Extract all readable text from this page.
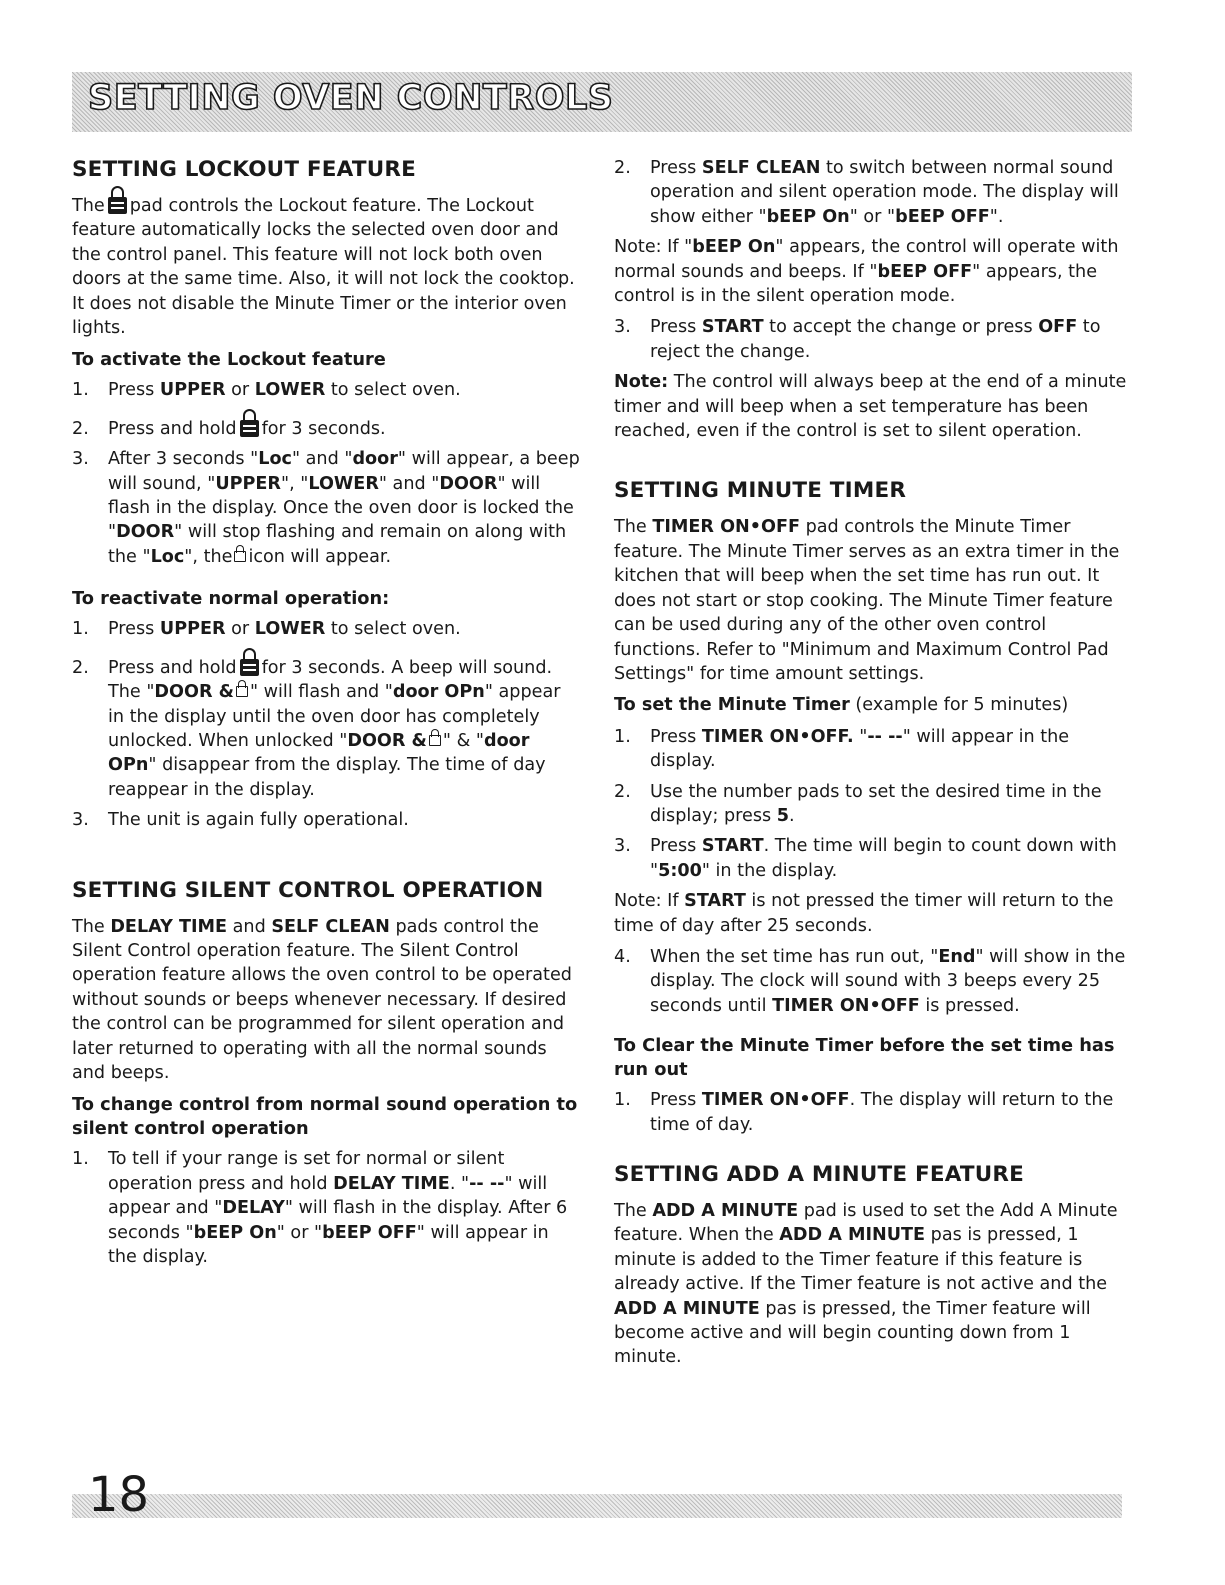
SETTING OVEN CONTROLS
SETTING LOCKOUT FEATURE

The pad controls the Lockout feature. The Lockout feature automatically locks the selected oven door and the control panel. This feature will not lock both oven doors at the same time. Also, it will not lock the cooktop. It does not disable the Minute Timer or the interior oven lights.

To activate the Lockout feature
1. Press UPPER or LOWER to select oven.
2. Press and hold for 3 seconds.
3. After 3 seconds "Loc" and "door" will appear, a beep will sound, "UPPER", "LOWER" and "DOOR" will flash in the display. Once the oven door is locked the "DOOR" will stop flashing and remain on along with the "Loc", the icon will appear.
To reactivate normal operation:
1. Press UPPER or LOWER to select oven.
2. Press and hold for 3 seconds. A beep will sound. The "DOOR & " will flash and "door OPn" appear in the display until the oven door has completely unlocked. When unlocked "DOOR & " & "door OPn" disappear from the display. The time of day reappear in the display.
3. The unit is again fully operational.
SETTING SILENT CONTROL OPERATION

The DELAY TIME and SELF CLEAN pads control the Silent Control operation feature. The Silent Control operation feature allows the oven control to be operated without sounds or beeps whenever necessary. If desired the control can be programmed for silent operation and later returned to operating with all the normal sounds and beeps.

To change control from normal sound operation to silent control operation
1. To tell if your range is set for normal or silent operation press and hold DELAY TIME. "-- --" will appear and "DELAY" will flash in the display. After 6 seconds "bEEP On" or "bEEP OFF" will appear in the display.
2. Press SELF CLEAN to switch between normal sound operation and silent operation mode. The display will show either "bEEP On" or "bEEP OFF".

Note: If "bEEP On" appears, the control will operate with normal sounds and beeps. If "bEEP OFF" appears, the control is in the silent operation mode.

3. Press START to accept the change or press OFF to reject the change.

Note: The control will always beep at the end of a minute timer and will beep when a set temperature has been reached, even if the control is set to silent operation.

SETTING MINUTE TIMER

The TIMER ON•OFF pad controls the Minute Timer feature. The Minute Timer serves as an extra timer in the kitchen that will beep when the set time has run out. It does not start or stop cooking. The Minute Timer feature can be used during any of the other oven control functions. Refer to "Minimum and Maximum Control Pad Settings" for time amount settings.

To set the Minute Timer (example for 5 minutes)

1. Press TIMER ON•OFF. "-- --" will appear in the display.
2. Use the number pads to set the desired time in the display; press 5.
3. Press START. The time will begin to count down with "5:00" in the display.

Note: If START is not pressed the timer will return to the time of day after 25 seconds.

4. When the set time has run out, "End" will show in the display. The clock will sound with 3 beeps every 25 seconds until TIMER ON•OFF is pressed.
To Clear the Minute Timer before the set time has run out
1. Press TIMER ON•OFF. The display will return to the time of day.
SETTING ADD A MINUTE FEATURE

The ADD A MINUTE pad is used to set the Add A Minute feature. When the ADD A MINUTE pas is pressed, 1 minute is added to the Timer feature if this feature is already active. If the Timer feature is not active and the ADD A MINUTE pas is pressed, the Timer feature will become active and will begin counting down from 1 minute.

18
